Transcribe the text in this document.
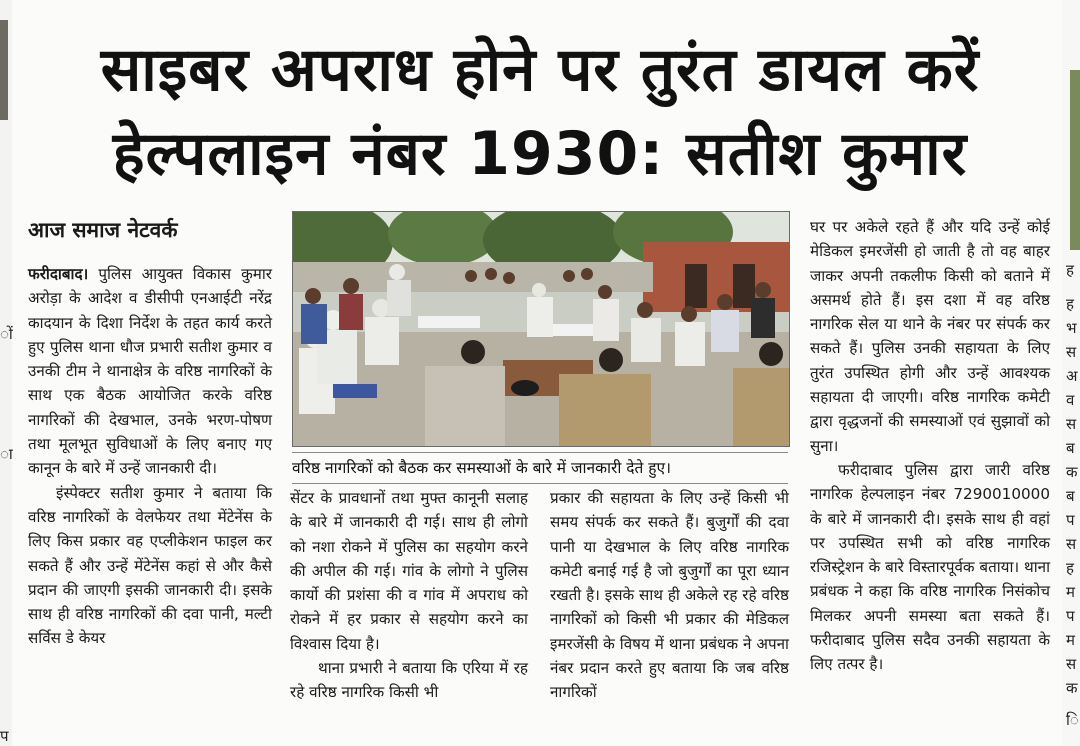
ों
ा
प
ह
ह
भ
स
अ
व
स
ब
क
ब
प
स
ह
म
प
म
स
क
ि
साइबर अपराध होने पर तुरंत डायल करें
हेल्पलाइन नंबर 1930: सतीश कुमार
आज समाज नेटवर्क

फरीदाबाद। पुलिस आयुक्त विकास कुमार अरोड़ा के आदेश व डीसीपी एनआईटी नरेंद्र कादयान के दिशा निर्देश के तहत कार्य करते हुए पुलिस थाना धौज प्रभारी सतीश कुमार व उनकी टीम ने थानाक्षेत्र के वरिष्ठ नागरिकों के साथ एक बैठक आयोजित करके वरिष्ठ नागरिकों की देखभाल, उनके भरण-पोषण तथा मूलभूत सुविधाओं के लिए बनाए गए कानून के बारे में उन्हें जानकारी दी।

इंस्पेक्टर सतीश कुमार ने बताया कि वरिष्ठ नागरिकों के वेलफेयर तथा मेंटेनेंस के लिए किस प्रकार वह एप्लीकेशन फाइल कर सकते हैं और उन्हें मेंटेनेंस कहां से और कैसे प्रदान की जाएगी इसकी जानकारी दी। इसके साथ ही वरिष्ठ नागरिकों की दवा पानी, मल्टी सर्विस डे केयर

वरिष्ठ नागरिकों को बैठक कर समस्याओं के बारे में जानकारी देते हुए।

सेंटर के प्रावधानों तथा मुफ्त कानूनी सलाह के बारे में जानकारी दी गई। साथ ही लोगो को नशा रोकने में पुलिस का सहयोग करने की अपील की गई। गांव के लोगो ने पुलिस कार्यो की प्रशंसा की व गांव में अपराध को रोकने में हर प्रकार से सहयोग करने का विश्वास दिया है।

थाना प्रभारी ने बताया कि एरिया में रह रहे वरिष्ठ नागरिक किसी भी

प्रकार की सहायता के लिए उन्हें किसी भी समय संपर्क कर सकते हैं। बुजुर्गों की दवा पानी या देखभाल के लिए वरिष्ठ नागरिक कमेटी बनाई गई है जो बुजुर्गों का पूरा ध्यान रखती है। इसके साथ ही अकेले रह रहे वरिष्ठ नागरिकों को किसी भी प्रकार की मेडिकल इमरजेंसी के विषय में थाना प्रबंधक ने अपना नंबर प्रदान करते हुए बताया कि जब वरिष्ठ नागरिकों

घर पर अकेले रहते हैं और यदि उन्हें कोई मेडिकल इमरजेंसी हो जाती है तो वह बाहर जाकर अपनी तकलीफ किसी को बताने में असमर्थ होते हैं। इस दशा में वह वरिष्ठ नागरिक सेल या थाने के नंबर पर संपर्क कर सकते हैं। पुलिस उनकी सहायता के लिए तुरंत उपस्थित होगी और उन्हें आवश्यक सहायता दी जाएगी। वरिष्ठ नागरिक कमेटी द्वारा वृद्धजनों की समस्याओं एवं सुझावों को सुना।

फरीदाबाद पुलिस द्वारा जारी वरिष्ठ नागरिक हेल्पलाइन नंबर 7290010000 के बारे में जानकारी दी। इसके साथ ही वहां पर उपस्थित सभी को वरिष्ठ नागरिक रजिस्ट्रेशन के बारे विस्तारपूर्वक बताया। थाना प्रबंधक ने कहा कि वरिष्ठ नागरिक निसंकोच मिलकर अपनी समस्या बता सकते हैं। फरीदाबाद पुलिस सदैव उनकी सहायता के लिए तत्पर है।
